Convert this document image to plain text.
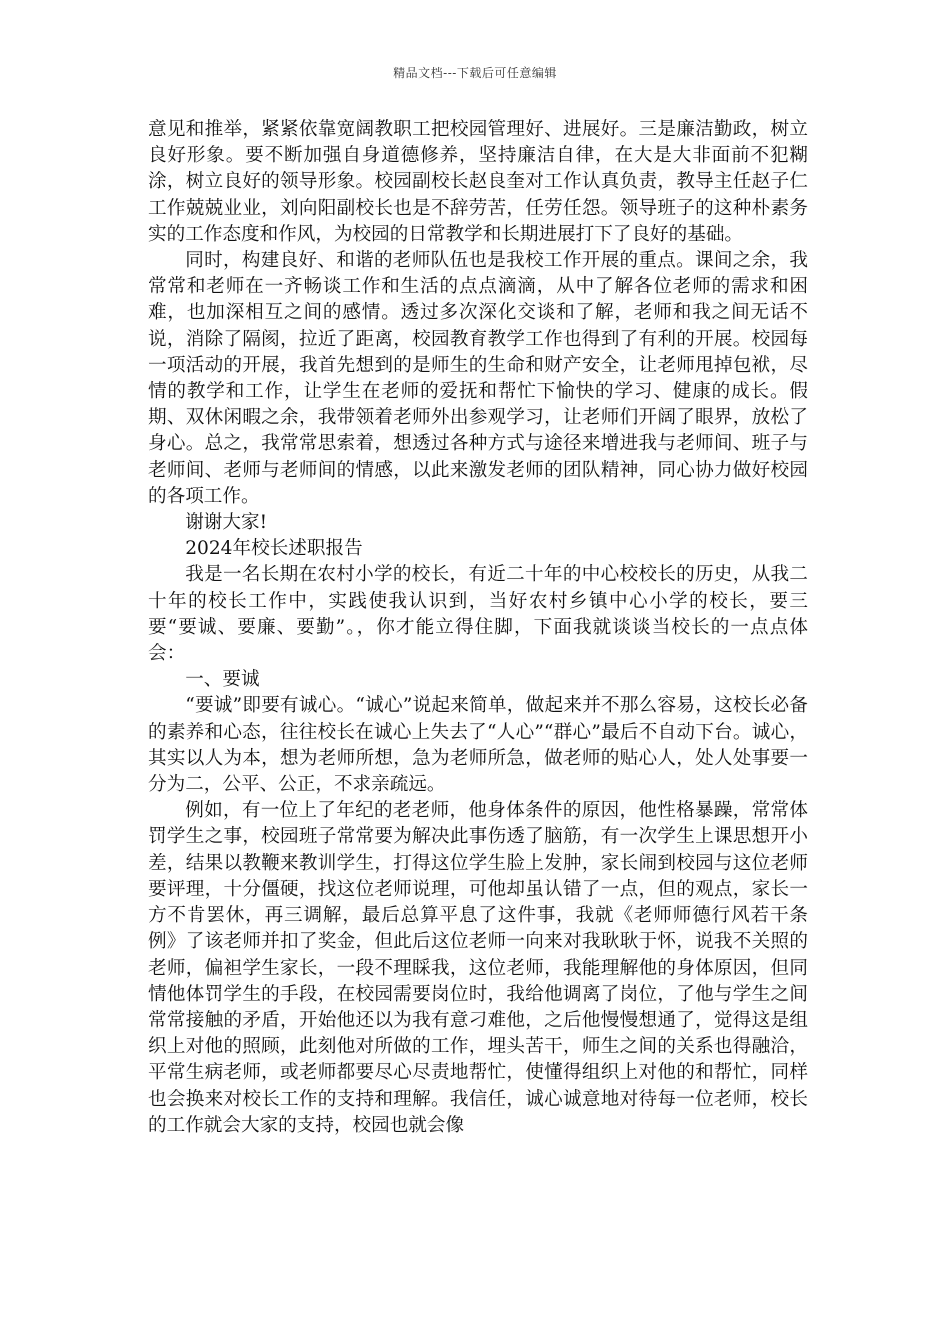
精品文档---下载后可任意编辑

意见和推举，紧紧依靠宽阔教职工把校园管理好、进展好。三是廉洁勤政，树立良好形象。要不断加强自身道德修养，坚持廉洁自律，在大是大非面前不犯糊涂，树立良好的领导形象。校园副校长赵良奎对工作认真负责，教导主任赵子仁工作兢兢业业，刘向阳副校长也是不辞劳苦，任劳任怨。领导班子的这种朴素务实的工作态度和作风，为校园的日常教学和长期进展打下了良好的基础。

同时，构建良好、和谐的老师队伍也是我校工作开展的重点。课间之余，我常常和老师在一齐畅谈工作和生活的点点滴滴，从中了解各位老师的需求和困难，也加深相互之间的感情。透过多次深化交谈和了解，老师和我之间无话不说，消除了隔阂，拉近了距离，校园教育教学工作也得到了有利的开展。校园每一项活动的开展，我首先想到的是师生的生命和财产安全，让老师甩掉包袱，尽情的教学和工作，让学生在老师的爱抚和帮忙下愉快的学习、健康的成长。假期、双休闲暇之余，我带领着老师外出参观学习，让老师们开阔了眼界，放松了身心。总之，我常常思索着，想透过各种方式与途径来增进我与老师间、班子与老师间、老师与老师间的情感，以此来激发老师的团队精神，同心协力做好校园的各项工作。

谢谢大家!

2024年校长述职报告

我是一名长期在农村小学的校长，有近二十年的中心校校长的历史，从我二十年的校长工作中，实践使我认识到，当好农村乡镇中心小学的校长，要三要“要诚、要廉、要勤”。，你才能立得住脚，下面我就谈谈当校长的一点点体会：

一、要诚

“要诚”即要有诚心。“诚心”说起来简单，做起来并不那么容易，这校长必备的素养和心态，往往校长在诚心上失去了“人心”“群心”最后不自动下台。诚心，其实以人为本，想为老师所想，急为老师所急，做老师的贴心人，处人处事要一分为二，公平、公正，不求亲疏远。

例如，有一位上了年纪的老老师，他身体条件的原因，他性格暴躁，常常体罚学生之事，校园班子常常要为解决此事伤透了脑筋，有一次学生上课思想开小差，结果以教鞭来教训学生，打得这位学生脸上发肿，家长闹到校园与这位老师要评理，十分僵硬，找这位老师说理，可他却虽认错了一点，但的观点，家长一方不肯罢休，再三调解，最后总算平息了这件事，我就《老师师德行风若干条例》了该老师并扣了奖金，但此后这位老师一向来对我耿耿于怀，说我不关照的老师，偏袒学生家长，一段不理睬我，这位老师，我能理解他的身体原因，但同情他体罚学生的手段，在校园需要岗位时，我给他调离了岗位，了他与学生之间常常接触的矛盾，开始他还以为我有意刁难他，之后他慢慢想通了，觉得这是组织上对他的照顾，此刻他对所做的工作，埋头苦干，师生之间的关系也得融洽，平常生病老师，或老师都要尽心尽责地帮忙，使懂得组织上对他的和帮忙，同样也会换来对校长工作的支持和理解。我信任，诚心诚意地对待每一位老师，校长的工作就会大家的支持，校园也就会像
